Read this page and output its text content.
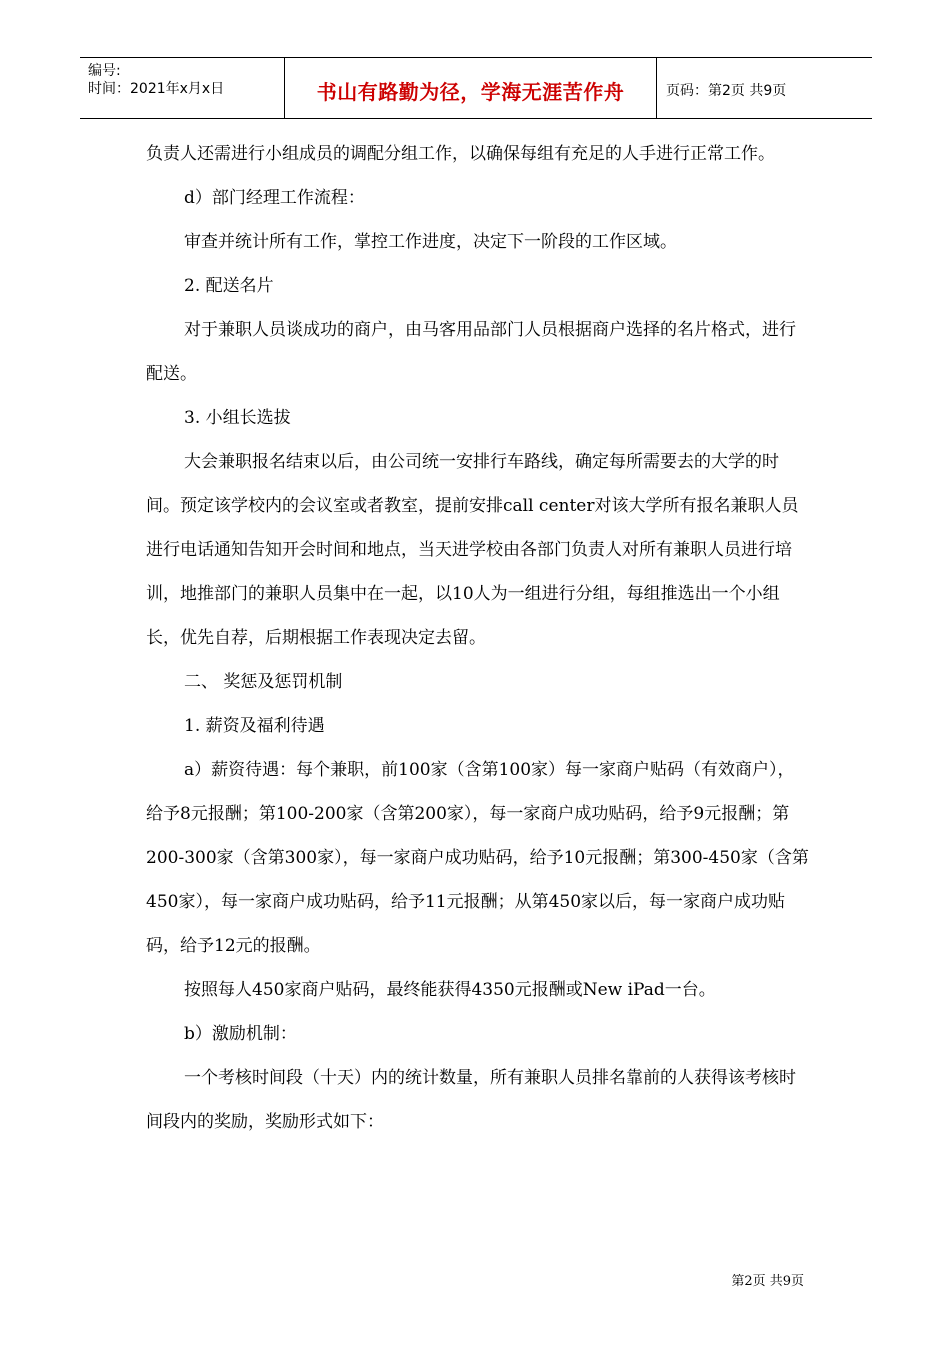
编号:
时间：2021年x月x日	书山有路勤为径，学海无涯苦作舟	页码：第2页 共9页

负责人还需进行小组成员的调配分组工作，以确保每组有充足的人手进行正常工作。

d）部门经理工作流程：

审查并统计所有工作，掌控工作进度，决定下一阶段的工作区域。

2. 配送名片

对于兼职人员谈成功的商户，由马客用品部门人员根据商户选择的名片格式，进行配送。

3. 小组长选拔

大会兼职报名结束以后，由公司统一安排行车路线，确定每所需要去的大学的时间。预定该学校内的会议室或者教室，提前安排call center对该大学所有报名兼职人员进行电话通知告知开会时间和地点，当天进学校由各部门负责人对所有兼职人员进行培训，地推部门的兼职人员集中在一起，以10人为一组进行分组，每组推选出一个小组长，优先自荐，后期根据工作表现决定去留。

二、 奖惩及惩罚机制

1. 薪资及福利待遇

a）薪资待遇：每个兼职，前100家（含第100家）每一家商户贴码（有效商户），给予8元报酬；第100-200家（含第200家），每一家商户成功贴码，给予9元报酬；第200-300家（含第300家），每一家商户成功贴码，给予10元报酬；第300-450家（含第450家），每一家商户成功贴码，给予11元报酬；从第450家以后，每一家商户成功贴码，给予12元的报酬。

按照每人450家商户贴码，最终能获得4350元报酬或New iPad一台。

b）激励机制：

一个考核时间段（十天）内的统计数量，所有兼职人员排名靠前的人获得该考核时间段内的奖励，奖励形式如下：

第2页 共9页
